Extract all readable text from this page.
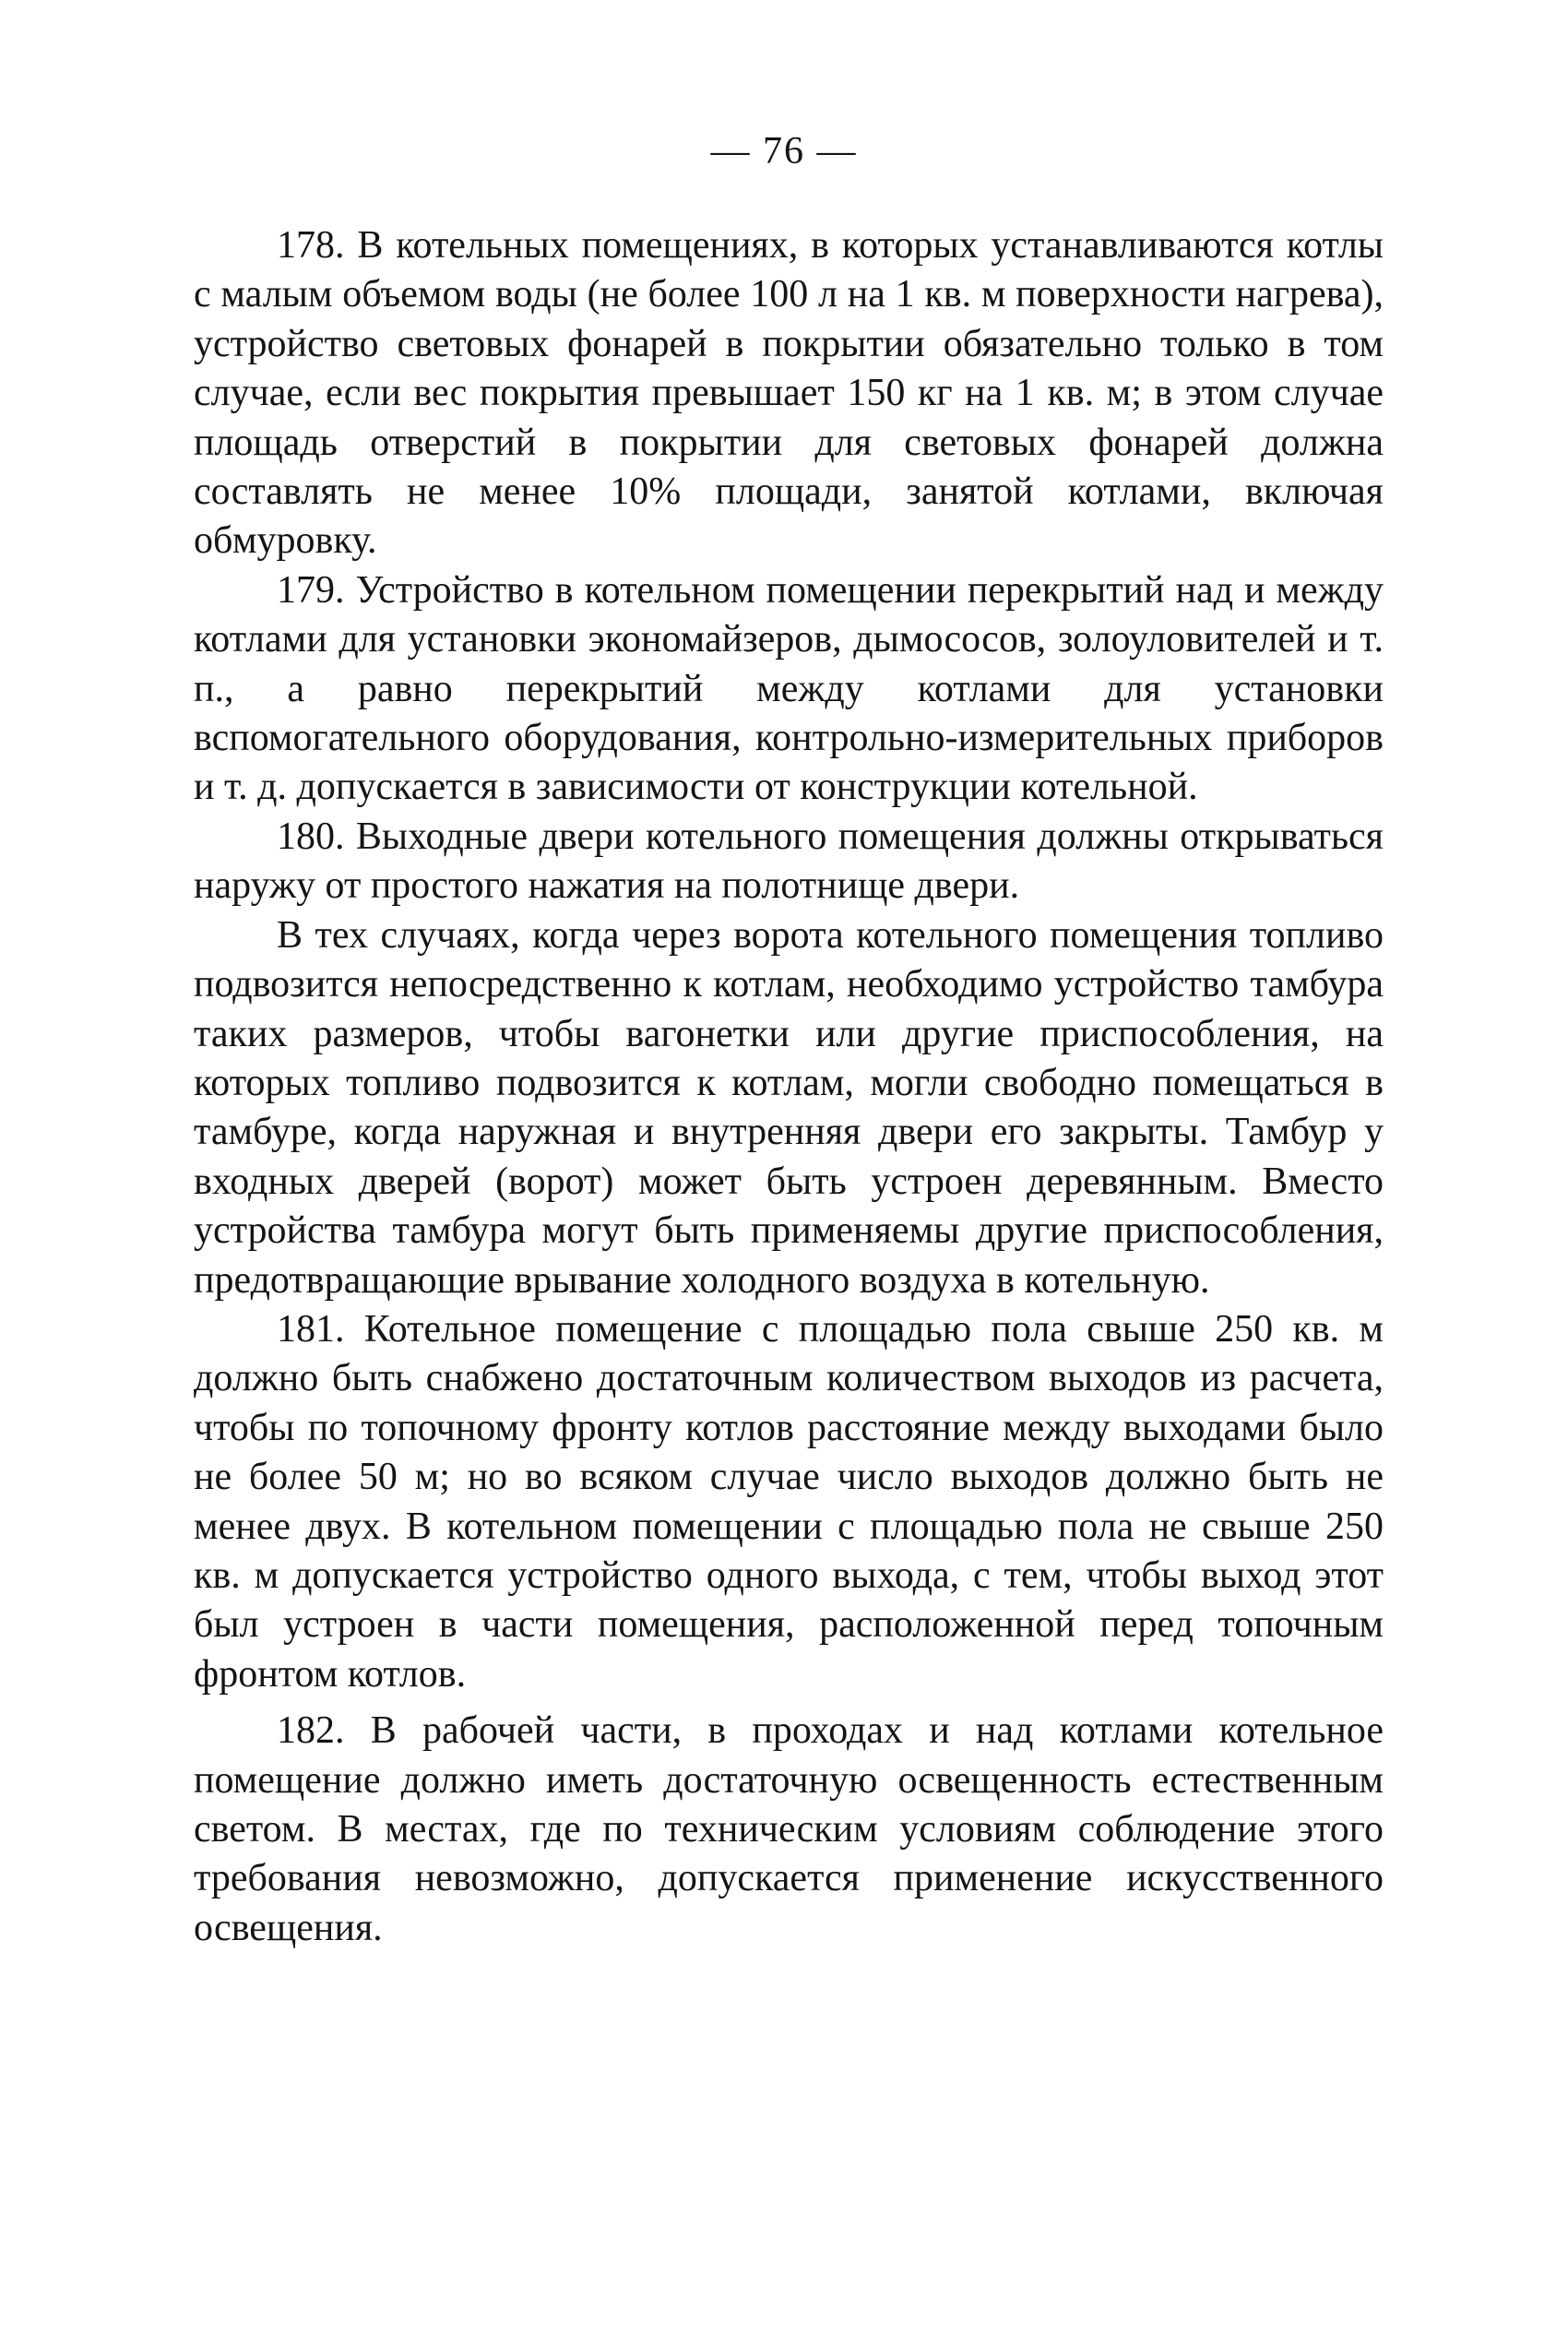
— 76 —

178. В котельных помещениях, в которых устанавливаются котлы с малым объемом воды (не более 100 л на 1 кв. м поверхности нагрева), устройство световых фонарей в покрытии обязательно только в том случае, если вес покрытия превышает 150 кг на 1 кв. м; в этом случае площадь отверстий в покрытии для световых фонарей должна составлять не менее 10% площади, занятой котлами, включая обмуровку.

179. Устройство в котельном помещении перекрытий над и между котлами для установки экономайзеров, дымососов, золоуловителей и т. п., а равно перекрытий между котлами для установки вспомогательного оборудования, контрольно-измерительных приборов и т. д. допускается в зависимости от конструкции котельной.

180. Выходные двери котельного помещения должны открываться наружу от простого нажатия на полотнище двери.

В тех случаях, когда через ворота котельного помещения топливо подвозится непосредственно к котлам, необходимо устройство тамбура таких размеров, чтобы вагонетки или другие приспособления, на которых топливо подвозится к котлам, могли свободно помещаться в тамбуре, когда наружная и внутренняя двери его закрыты. Тамбур у входных дверей (ворот) может быть устроен деревянным. Вместо устройства тамбура могут быть применяемы другие приспособления, предотвращающие врывание холодного воздуха в котельную.

181. Котельное помещение с площадью пола свыше 250 кв. м должно быть снабжено достаточным количеством выходов из расчета, чтобы по топочному фронту котлов расстояние между выходами было не более 50 м; но во всяком случае число выходов должно быть не менее двух. В котельном помещении с площадью пола не свыше 250 кв. м допускается устройство одного выхода, с тем, чтобы выход этот был устроен в части помещения, расположенной перед топочным фронтом котлов.

182. В рабочей части, в проходах и над котлами котельное помещение должно иметь достаточную освещенность естественным светом. В местах, где по техническим условиям соблюдение этого требования невозможно, допускается применение искусственного освещения.
